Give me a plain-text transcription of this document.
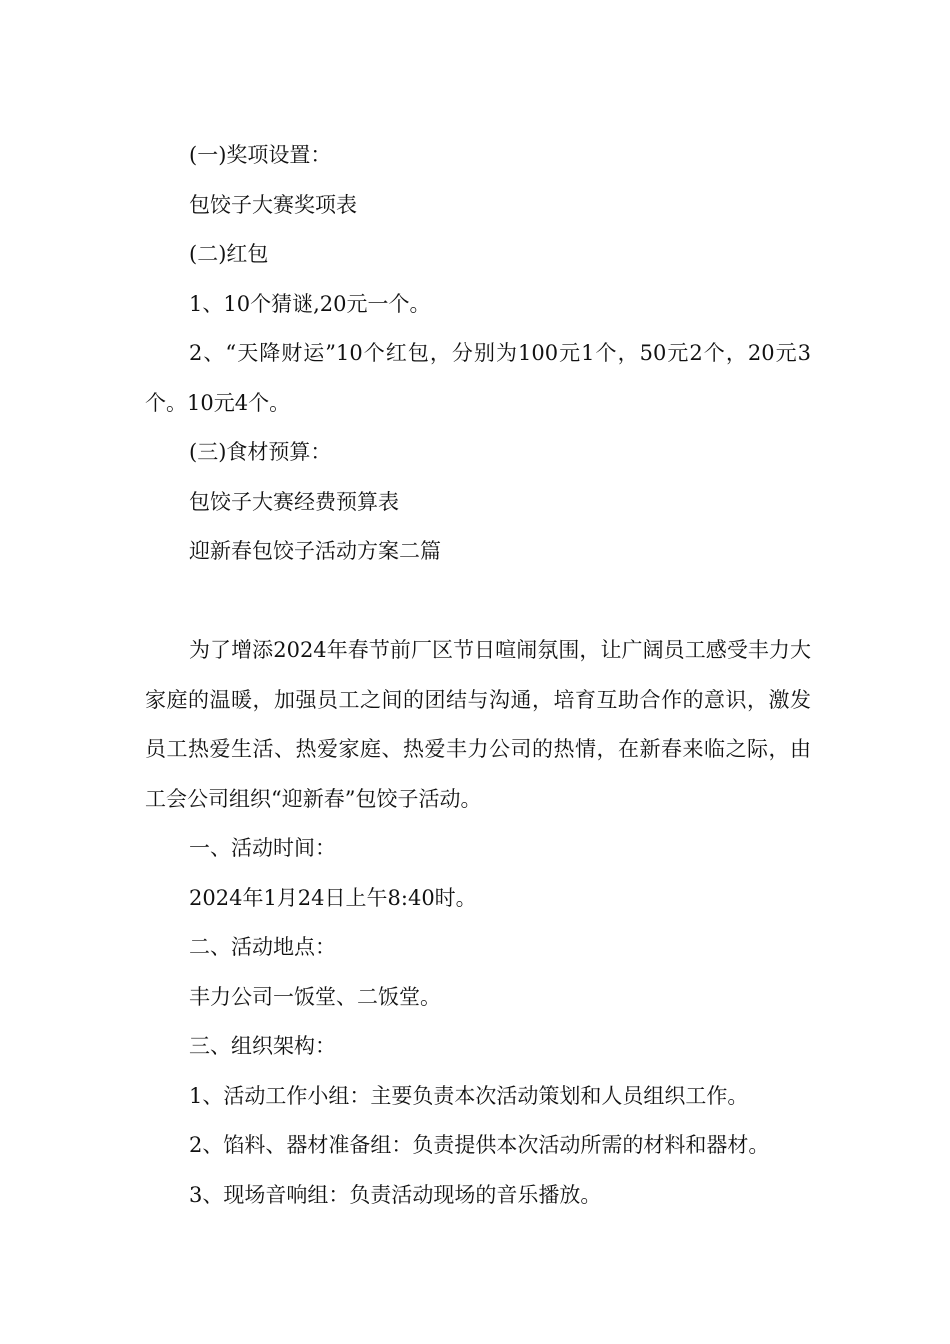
(一)奖项设置：

包饺子大赛奖项表

(二)红包

1、10个猜谜,20元一个。

2、“天降财运”10个红包，分别为100元1个，50元2个，20元3个。10元4个。

(三)食材预算：

包饺子大赛经费预算表

迎新春包饺子活动方案二篇

为了增添2024年春节前厂区节日喧闹氛围，让广阔员工感受丰力大家庭的温暖，加强员工之间的团结与沟通，培育互助合作的意识，激发员工热爱生活、热爱家庭、热爱丰力公司的热情，在新春来临之际，由工会公司组织“迎新春”包饺子活动。

一、活动时间：

2024年1月24日上午8:40时。

二、活动地点：

丰力公司一饭堂、二饭堂。

三、组织架构：

1、活动工作小组：主要负责本次活动策划和人员组织工作。

2、馅料、器材准备组：负责提供本次活动所需的材料和器材。

3、现场音响组：负责活动现场的音乐播放。
